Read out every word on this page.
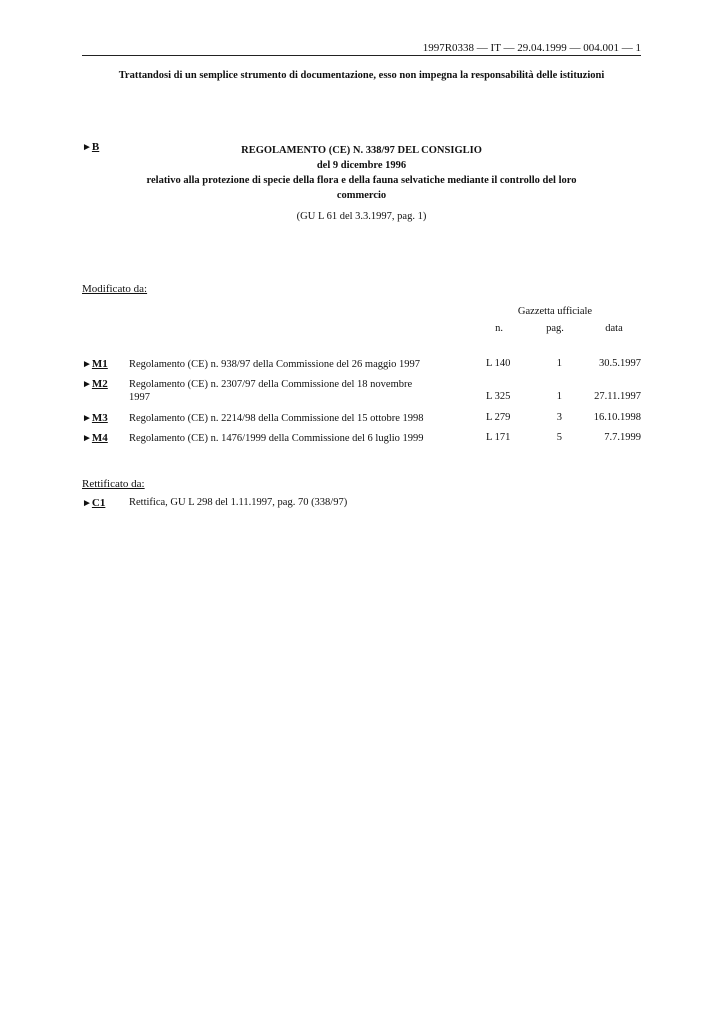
1997R0338 — IT — 29.04.1999 — 004.001 — 1
Trattandosi di un semplice strumento di documentazione, esso non impegna la responsabilità delle istituzioni
►B	REGOLAMENTO (CE) N. 338/97 DEL CONSIGLIO
del 9 dicembre 1996
relativo alla protezione di specie della flora e della fauna selvatiche mediante il controllo del loro
commercio
(GU L 61 del 3.3.1997, pag. 1)
Modificato da:
Gazzetta ufficiale
n.	pag.	data
►M1 Regolamento (CE) n. 938/97 della Commissione del 26 maggio 1997	L 140	1	30.5.1997
►M2 Regolamento (CE) n. 2307/97 della Commissione del 18 novembre
1997	L 325	1	27.11.1997
►M3 Regolamento (CE) n. 2214/98 della Commissione del 15 ottobre 1998	L 279	3	16.10.1998
►M4 Regolamento (CE) n. 1476/1999 della Commissione del 6 luglio 1999	L 171	5	7.7.1999
Rettificato da:
►C1 Rettifica, GU L 298 del 1.11.1997, pag. 70 (338/97)
